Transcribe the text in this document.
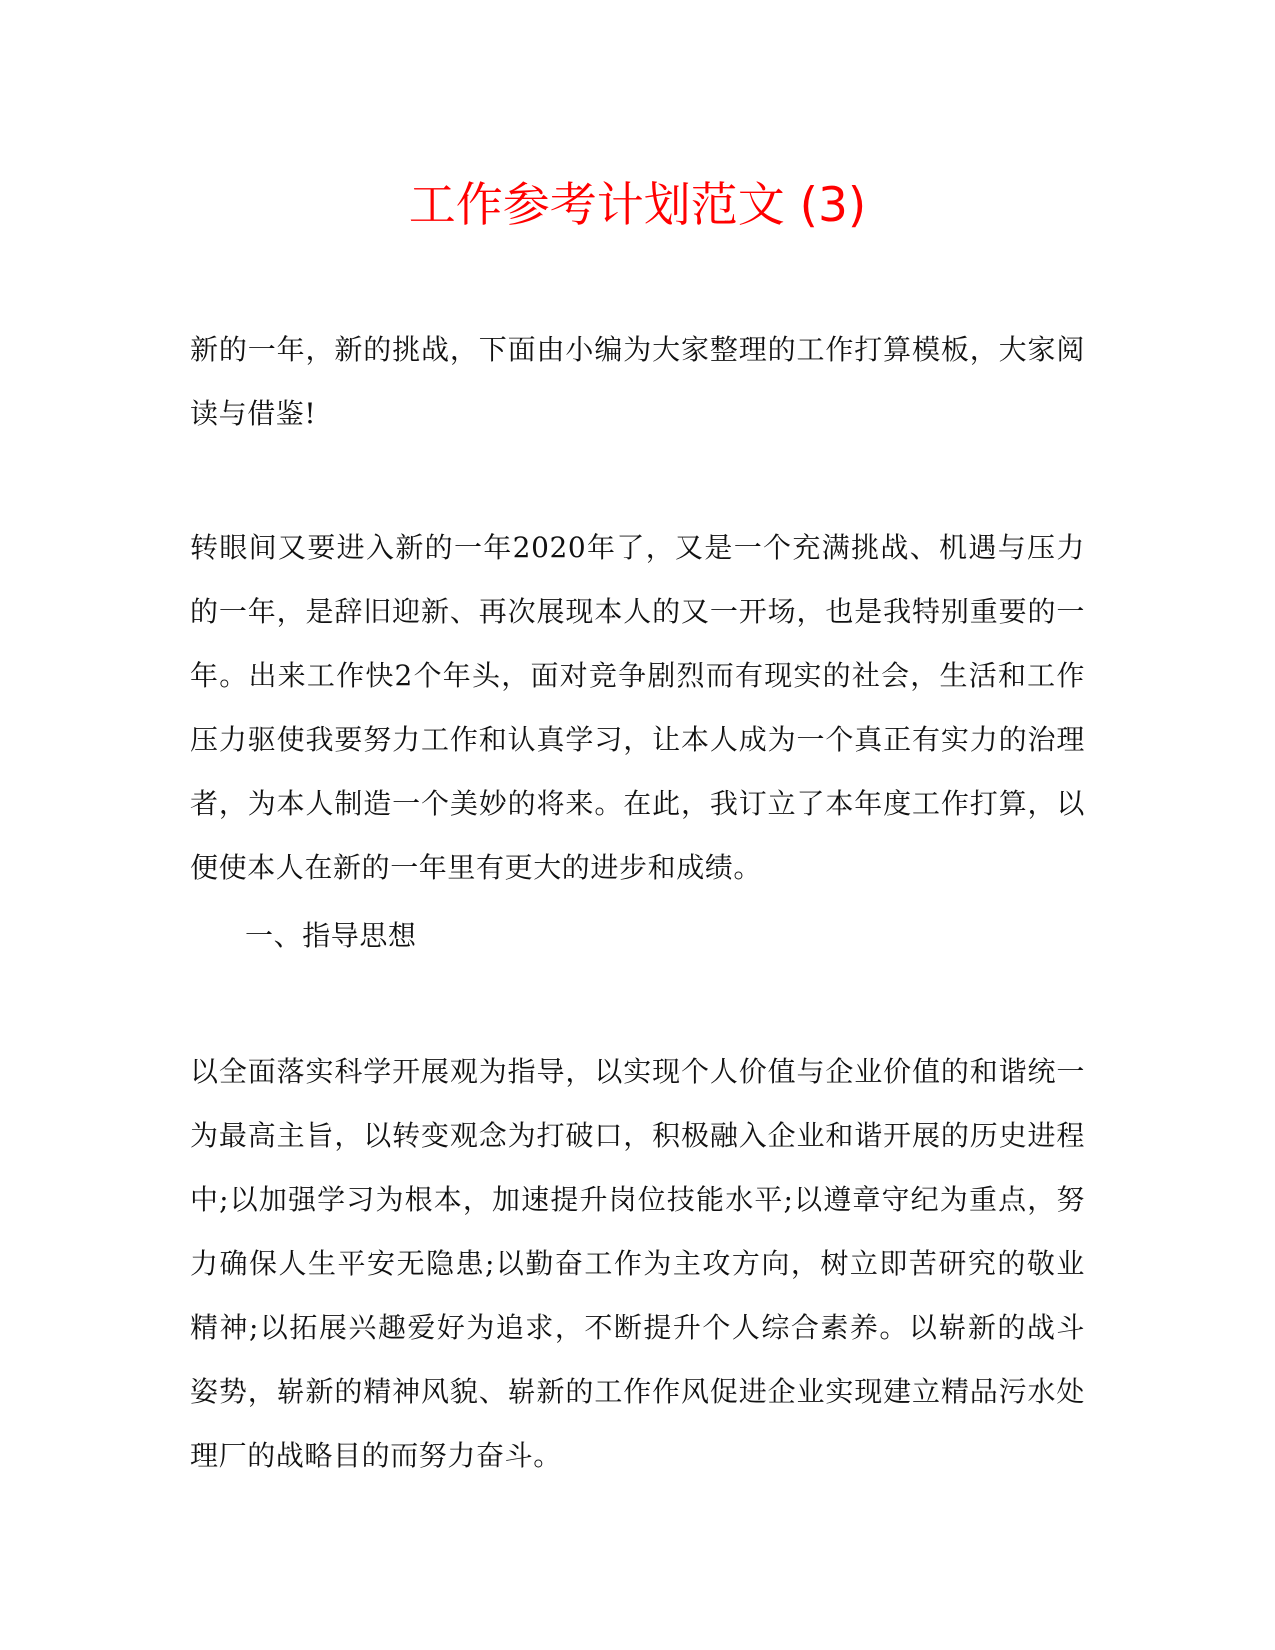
工作参考计划范文 (3)

新的一年，新的挑战，下面由小编为大家整理的工作打算模板，大家阅读与借鉴!

转眼间又要进入新的一年2020年了，又是一个充满挑战、机遇与压力的一年，是辞旧迎新、再次展现本人的又一开场，也是我特别重要的一年。出来工作快2个年头，面对竞争剧烈而有现实的社会，生活和工作压力驱使我要努力工作和认真学习，让本人成为一个真正有实力的治理者，为本人制造一个美妙的将来。在此，我订立了本年度工作打算，以便使本人在新的一年里有更大的进步和成绩。

一、指导思想

以全面落实科学开展观为指导，以实现个人价值与企业价值的和谐统一为最高主旨，以转变观念为打破口，积极融入企业和谐开展的历史进程中;以加强学习为根本，加速提升岗位技能水平;以遵章守纪为重点，努力确保人生平安无隐患;以勤奋工作为主攻方向，树立即苦研究的敬业精神;以拓展兴趣爱好为追求，不断提升个人综合素养。以崭新的战斗姿势，崭新的精神风貌、崭新的工作作风促进企业实现建立精品污水处理厂的战略目的而努力奋斗。
